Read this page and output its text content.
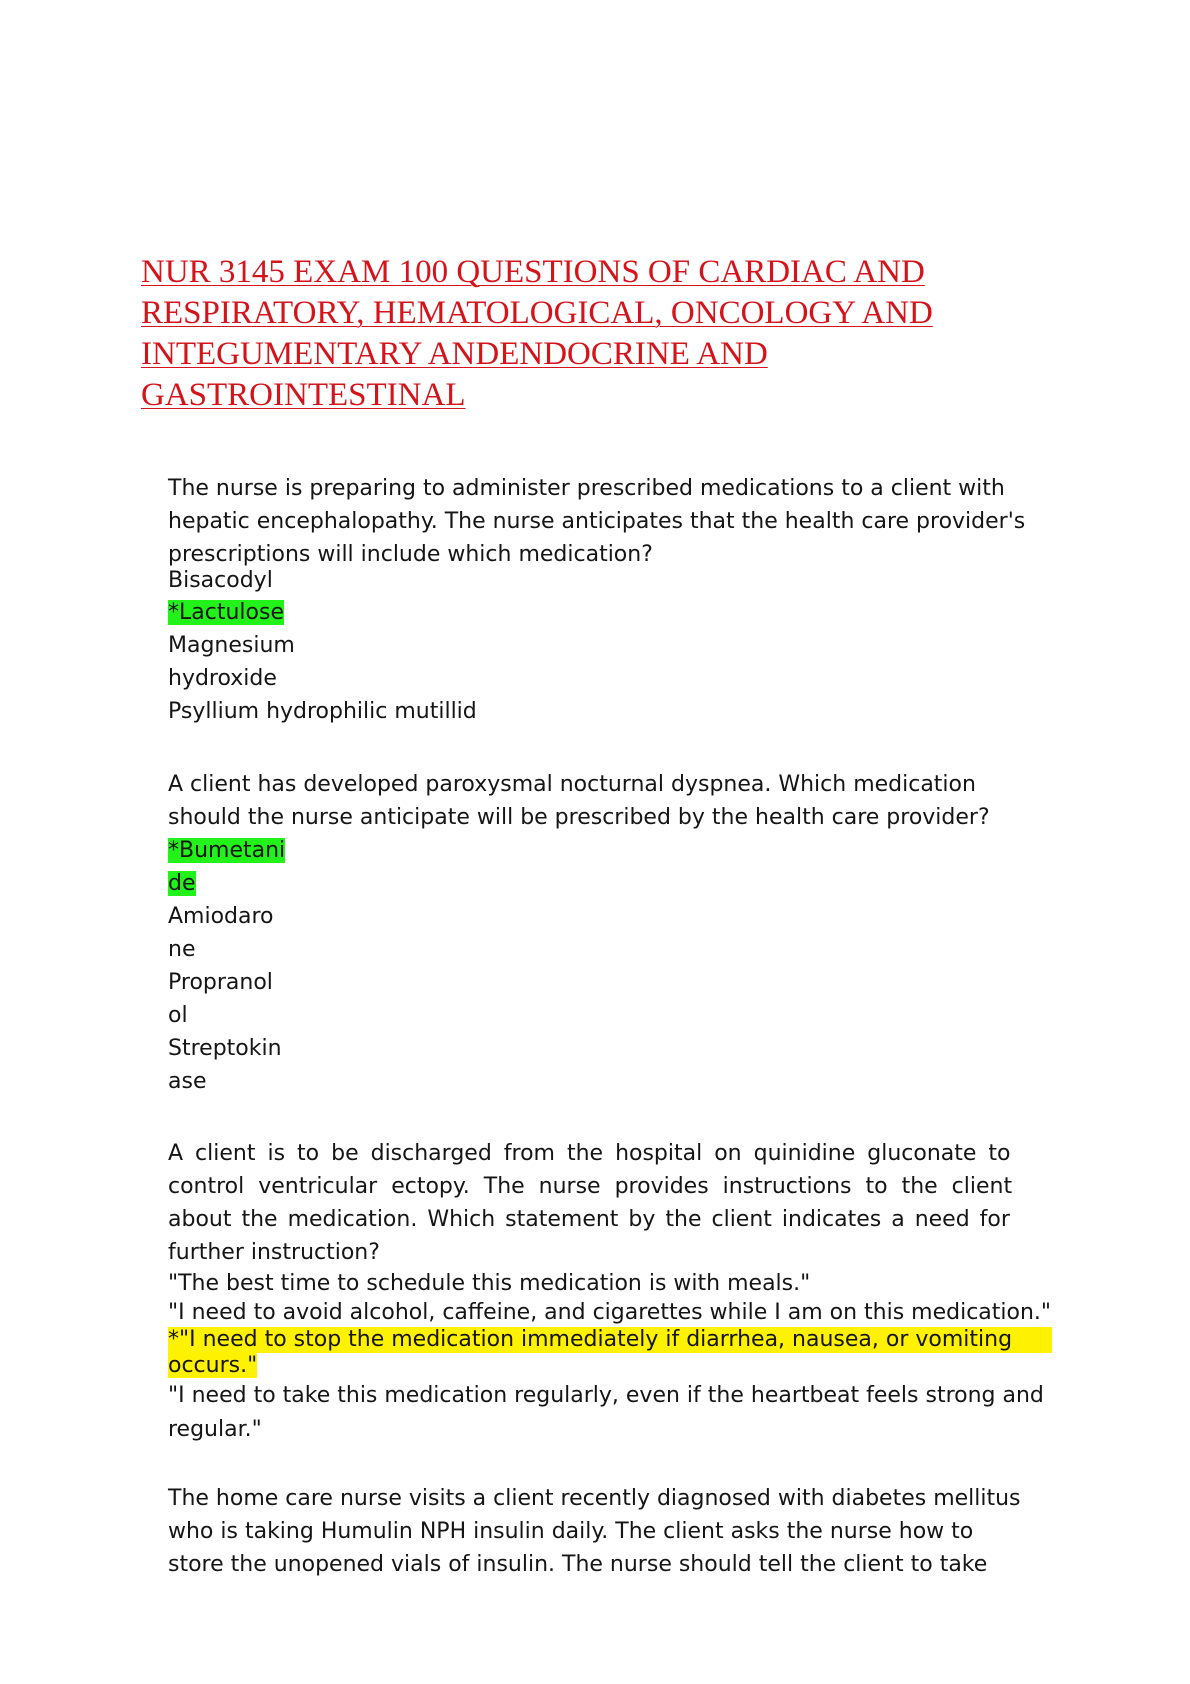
NUR 3145 EXAM 100 QUESTIONS OF CARDIAC AND
RESPIRATORY, HEMATOLOGICAL, ONCOLOGY AND
INTEGUMENTARY ANDENDOCRINE AND
GASTROINTESTINAL
The nurse is preparing to administer prescribed medications to a client with
hepatic encephalopathy. The nurse anticipates that the health care provider's
prescriptions will include which medication?
Bisacodyl
*Lactulose
Magnesium
hydroxide
Psyllium hydrophilic mutillid
A client has developed paroxysmal nocturnal dyspnea. Which medication
should the nurse anticipate will be prescribed by the health care provider?
*Bumetani
de
Amiodaro
ne
Propranol
ol
Streptokin
ase
A client is to be discharged from the hospital on quinidine gluconate to
control ventricular ectopy. The nurse provides instructions to the client
about the medication. Which statement by the client indicates a need for
further instruction?
"The best time to schedule this medication is with meals."
"I need to avoid alcohol, caffeine, and cigarettes while I am on this medication."
*"I need to stop the medication immediately if diarrhea, nausea, or vomiting
occurs."
"I need to take this medication regularly, even if the heartbeat feels strong and
regular."
The home care nurse visits a client recently diagnosed with diabetes mellitus
who is taking Humulin NPH insulin daily. The client asks the nurse how to
store the unopened vials of insulin. The nurse should tell the client to take
